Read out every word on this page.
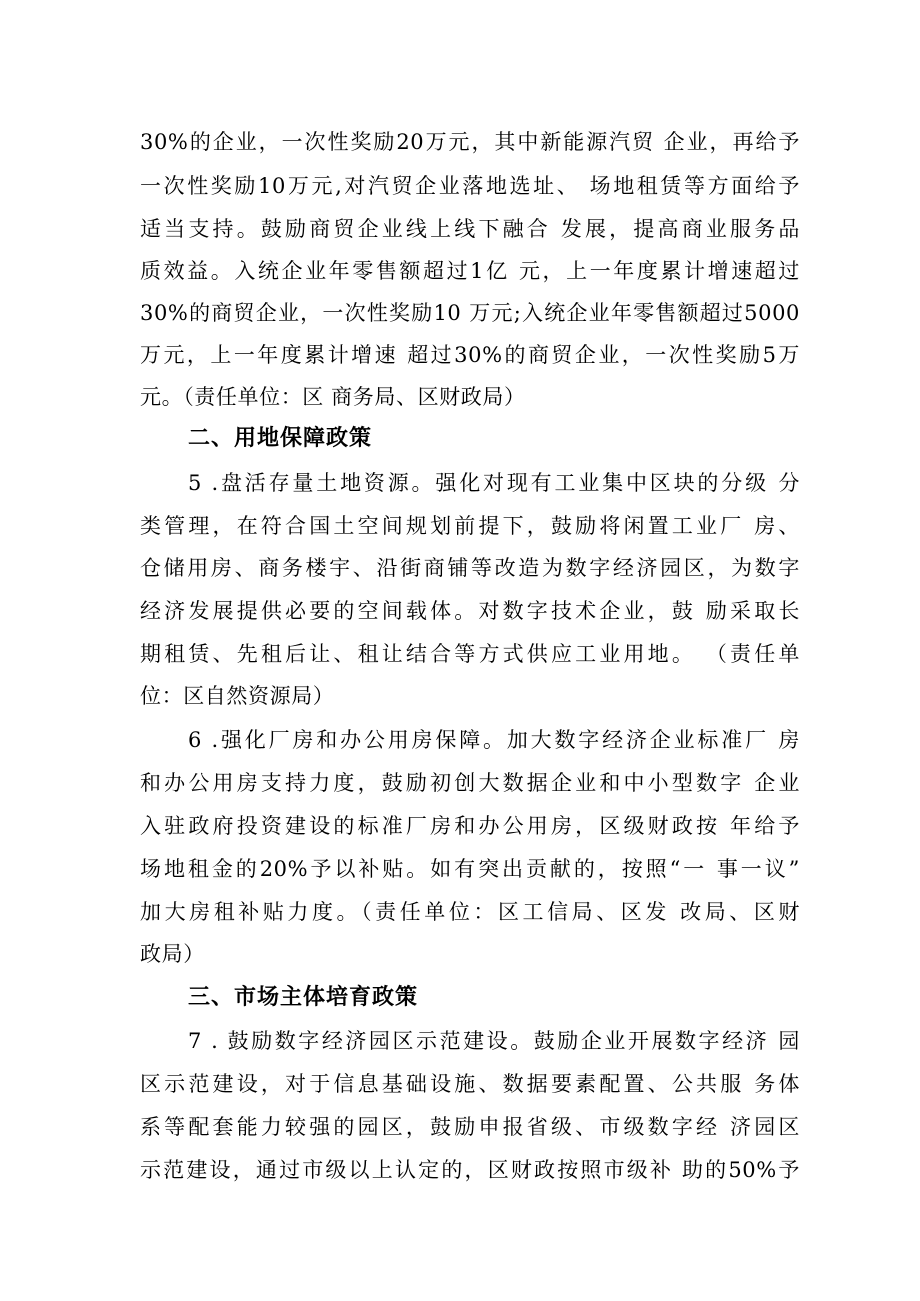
30%的企业，一次性奖励20万元，其中新能源汽贸 企业，再给予
一次性奖励10万元,对汽贸企业落地选址、 场地租赁等方面给予
适当支持。鼓励商贸企业线上线下融合 发展，提高商业服务品
质效益。入统企业年零售额超过1亿 元，上一年度累计增速超过
30%的商贸企业，一次性奖励10 万元;入统企业年零售额超过5000
万元，上一年度累计增速 超过30%的商贸企业，一次性奖励5万
元。（责任单位：区 商务局、区财政局）
二、用地保障政策
5 .盘活存量土地资源。强化对现有工业集中区块的分级 分
类管理，在符合国土空间规划前提下，鼓励将闲置工业厂 房、
仓储用房、商务楼宇、沿街商铺等改造为数字经济园区，为数字
经济发展提供必要的空间载体。对数字技术企业，鼓 励采取长
期租赁、先租后让、租让结合等方式供应工业用地。 （责任单
位：区自然资源局）
6 .强化厂房和办公用房保障。加大数字经济企业标准厂 房
和办公用房支持力度，鼓励初创大数据企业和中小型数字 企业
入驻政府投资建设的标准厂房和办公用房，区级财政按 年给予
场地租金的20%予以补贴。如有突出贡献的，按照“一 事一议”
加大房租补贴力度。（责任单位：区工信局、区发 改局、区财
政局）
三、市场主体培育政策
7 . 鼓励数字经济园区示范建设。鼓励企业开展数字经济 园
区示范建设，对于信息基础设施、数据要素配置、公共服 务体
系等配套能力较强的园区，鼓励申报省级、市级数字经 济园区
示范建设，通过市级以上认定的，区财政按照市级补 助的50%予
